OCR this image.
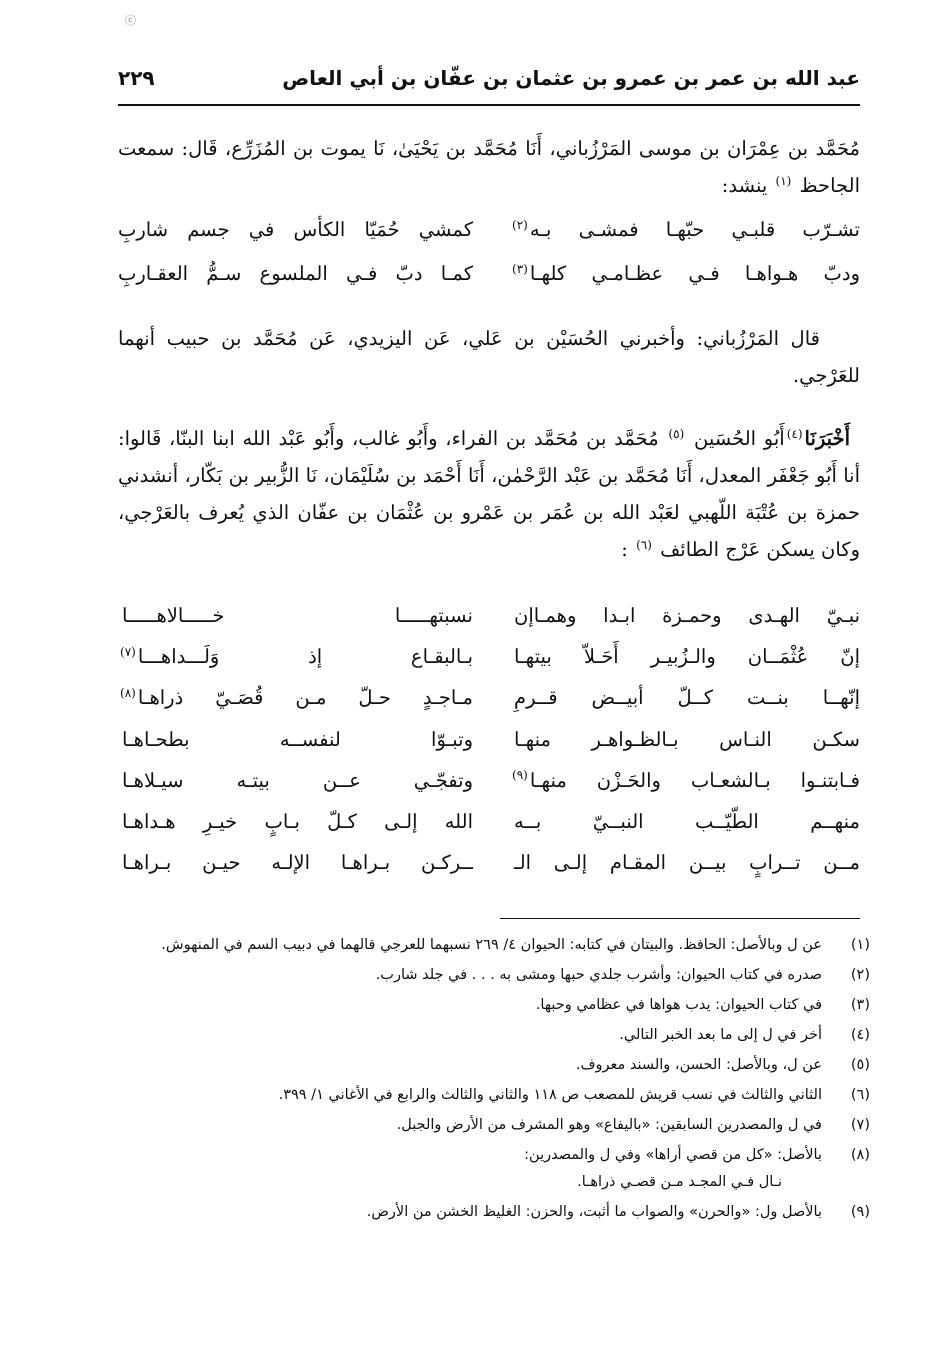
ⓒ
عبد الله بن عمر بن عمرو بن عثمان بن عفّان بن أبي العاص
٢٢٩
مُحَمَّد بن عِمْرَان بن موسى المَرْزُباني، أَنَا مُحَمَّد بن يَحْيَىٰ، نَا يموت بن المُزَرِّع، قَال: سمعت الجاحظ $^{(١)}$ ينشد:
تشـرّب قلبـي حبّهـا فمشـى بـه$^{(٢)}$
كمشي حُمَيّا الكأس في جسم شاربِ
ودبّ هـواهـا فـي عظـامـي كلهـا$^{(٣)}$
كمـا دبّ فـي الملسوع سـمُّ العقـاربِ
قال المَرْزُباني: وأخبرني الحُسَيْن بن عَلي، عَن اليزيدي، عَن مُحَمَّد بن حبيب أنهما للعَرْجي.
أَخْبَرَنَا$^{(٤)}$أَبُو الحُسَين $^{(٥)}$ مُحَمَّد بن مُحَمَّد بن الفراء، وأَبُو غالب، وأَبُو عَبْد الله ابنا البنّا، قَالوا: أنا أَبُو جَعْفَر المعدل، أَنَا مُحَمَّد بن عَبْد الرَّحْمٰن، أَنَا أَحْمَد بن سُلَيْمَان، نَا الزُّبير بن بَكّار، أنشدني حمزة بن عُتْبَة اللّهبي لعَبْد الله بن عُمَر بن عَمْرو بن عُثْمَان بن عفّان الذي يُعرف بالعَرْجي، وكان يسكن عَرْج الطائف $^{(٦)}$ :
نبـيّ الهـدى وحمـزة ابـدا وهمـاإن
نسبتهـــــا خـــــالاهـــــا
إنّ عُثْمَــان والـزُبيـر أَحَـلاّ بيتهـا
بـالبقـاع إذ وَلَـــداهـــا$^{(٧)}$
إنّهــا بنــت كــلّ أبيــض قــرمِ
مـاجـدٍ حـلّ مـن قُصَـيّ ذراهـا$^{(٨)}$
سكـن النـاس بـالظـواهـر منهـا
وتبـوّا لنفســه بطحـاهـا
فـابتنـوا بـالشعـاب والحَـزْن منهـا$^{(٩)}$
وتفجّـي عــن بيتـه سيـلاهـا
منهــم الطّيّــب النبــيّ بــه
الله إلـى كـلّ بـابٍ خيـرِ هـداهـا
مــن تــرابٍ بيــن المقـام إلـى الـ
ــركـن بـراهـا الإلـه حيـن بـراهـا
(١)
عن ل وبالأصل: الحافظ. والبيتان في كتابه: الحيوان ٤/ ٢٦٩ نسبهما للعرجي قالهما في دبيب السم في المنهوش.
(٢)
صدره في كتاب الحيوان: وأشرب جلدي حبها ومشى به . . . في جلد شارب.
(٣)
في كتاب الحيوان: يدب هواها في عظامي وحبها.
(٤)
أخر في ل إلى ما بعد الخبر التالي.
(٥)
عن ل، وبالأصل: الحسن، والسند معروف.
(٦)
الثاني والثالث في نسب قريش للمصعب ص ١١٨ والثاني والثالث والرابع في الأغاني ١/ ٣٩٩.
(٧)
في ل والمصدرين السابقين: «باليفاع» وهو المشرف من الأرض والجبل.
(٨)
بالأصل: «كل من قصي أراها» وفي ل والمصدرين:
نـال فـي المجـد مـن قصـي ذراهـا.
(٩)
بالأصل ول: «والحرن» والصواب ما أثبت، والحزن: الغليظ الخشن من الأرض.
